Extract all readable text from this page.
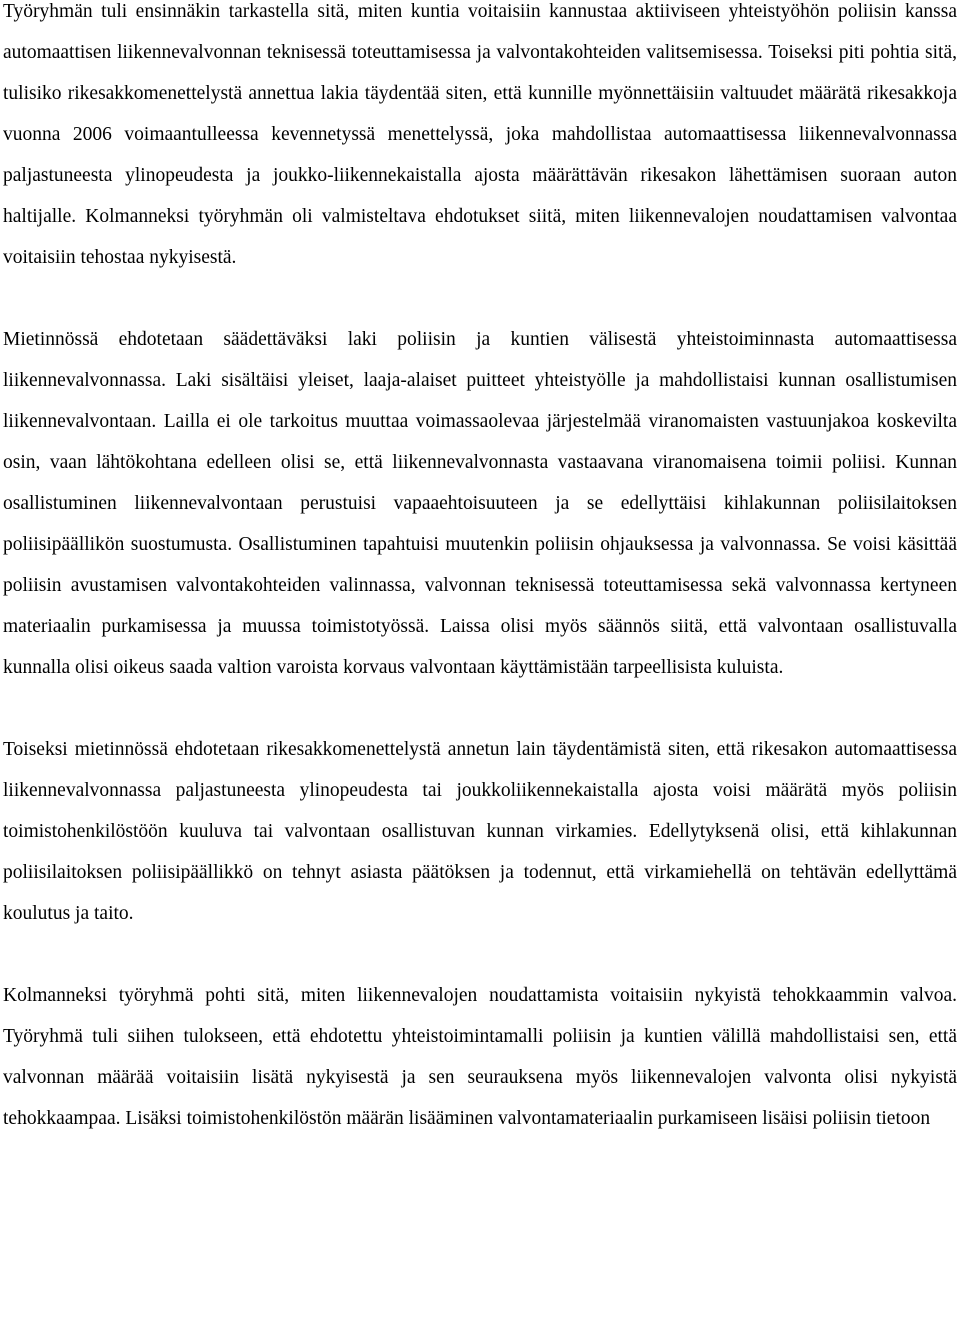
Työryhmän tuli ensinnäkin tarkastella sitä, miten kuntia voitaisiin kannustaa aktiiviseen yhteistyöhön poliisin kanssa automaattisen liikennevalvonnan teknisessä toteuttamisessa ja valvontakohteiden valitsemisessa. Toiseksi piti pohtia sitä, tulisiko rikesakkomenettelystä annettua lakia täydentää siten, että kunnille myönnettäisiin valtuudet määrätä rikesakkoja vuonna 2006 voimaantulleessa kevennetyssä menettelyssä, joka mahdollistaa automaattisessa liikennevalvonnassa paljastuneesta ylinopeudesta ja joukko-liikennekaistalla ajosta määrättävän rikesakon lähettämisen suoraan auton haltijalle. Kolmanneksi työryhmän oli valmisteltava ehdotukset siitä, miten liikennevalojen noudattamisen valvontaa voitaisiin tehostaa nykyisestä.

Mietinnössä ehdotetaan säädettäväksi laki poliisin ja kuntien välisestä yhteistoiminnasta automaattisessa liikennevalvonnassa. Laki sisältäisi yleiset, laaja-alaiset puitteet yhteistyölle ja mahdollistaisi kunnan osallistumisen liikennevalvontaan. Lailla ei ole tarkoitus muuttaa voimassaolevaa järjestelmää viranomaisten vastuunjakoa koskevilta osin, vaan lähtökohtana edelleen olisi se, että liikennevalvonnasta vastaavana viranomaisena toimii poliisi. Kunnan osallistuminen liikennevalvontaan perustuisi vapaaehtoisuuteen ja se edellyttäisi kihlakunnan poliisilaitoksen poliisipäällikön suostumusta. Osallistuminen tapahtuisi muutenkin poliisin ohjauksessa ja valvonnassa. Se voisi käsittää poliisin avustamisen valvontakohteiden valinnassa, valvonnan teknisessä toteuttamisessa sekä valvonnassa kertyneen materiaalin purkamisessa ja muussa toimistotyössä. Laissa olisi myös säännös siitä, että valvontaan osallistuvalla kunnalla olisi oikeus saada valtion varoista korvaus valvontaan käyttämistään tarpeellisista kuluista.

Toiseksi mietinnössä ehdotetaan rikesakkomenettelystä annetun lain täydentämistä siten, että rikesakon automaattisessa liikennevalvonnassa paljastuneesta ylinopeudesta tai joukkoliikennekaistalla ajosta voisi määrätä myös poliisin toimistohenkilöstöön kuuluva tai valvontaan osallistuvan kunnan virkamies. Edellytyksenä olisi, että kihlakunnan poliisilaitoksen poliisipäällikkö on tehnyt asiasta päätöksen ja todennut, että virkamiehellä on tehtävän edellyttämä koulutus ja taito.

Kolmanneksi työryhmä pohti sitä, miten liikennevalojen noudattamista voitaisiin nykyistä tehokkaammin valvoa. Työryhmä tuli siihen tulokseen, että ehdotettu yhteistoimintamalli poliisin ja kuntien välillä mahdollistaisi sen, että valvonnan määrää voitaisiin lisätä nykyisestä ja sen seurauksena myös liikennevalojen valvonta olisi nykyistä tehokkaampaa. Lisäksi toimistohenkilöstön määrän lisääminen valvontamateriaalin purkamiseen lisäisi poliisin tietoon
